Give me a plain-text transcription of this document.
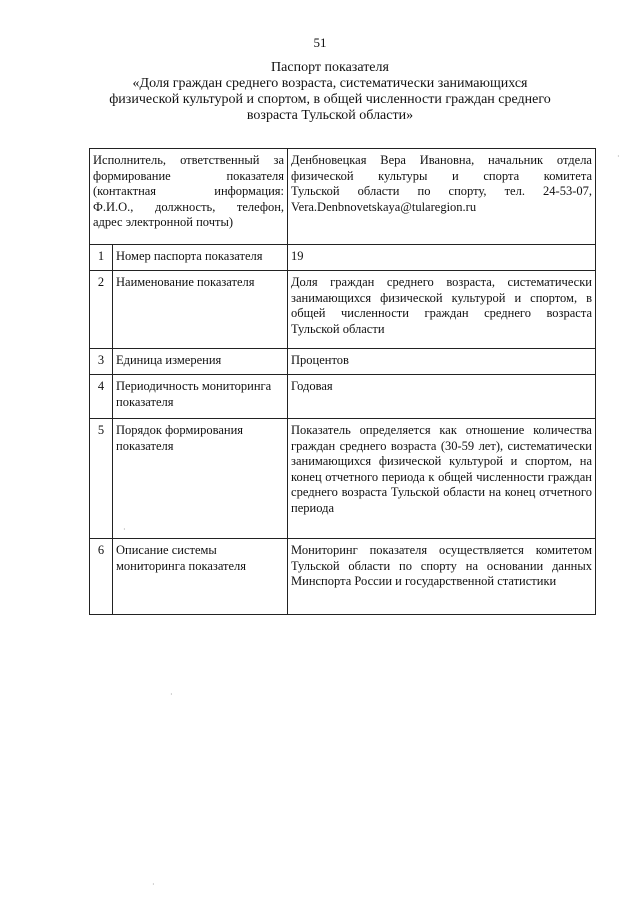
51
Паспорт показателя
«Доля граждан среднего возраста, систематически занимающихся
физической культурой и спортом, в общей численности граждан среднего
возраста Тульской области»
Исполнитель, ответственный за
формирование показателя
(контактная информация:
Ф.И.О., должность, телефон,
адрес электронной почты)		Денбновецкая Вера Ивановна, начальник отдела
физической культуры и спорта комитета
Тульской области по спорту, тел. 24-53-07,
Vera.Denbnovetskaya@tularegion.ru

1	Номер паспорта показателя	19
2	Наименование показателя	Доля граждан среднего возраста, систематически занимающихся физической культурой и спортом, в общей численности граждан среднего возраста Тульской области
3	Единица измерения	Процентов
4	Периодичность мониторинга показателя	Годовая
5	Порядок формирования показателя	Показатель определяется как отношение количества граждан среднего возраста (30-59 лет), систематически занимающихся физической культурой и спортом, на конец отчетного периода к общей численности граждан среднего возраста Тульской области на конец отчетного периода
6	Описание системы мониторинга показателя	Мониторинг показателя осуществляется комитетом Тульской области по спорту на основании данных Минспорта России и государственной статистики
·
·
·
·
